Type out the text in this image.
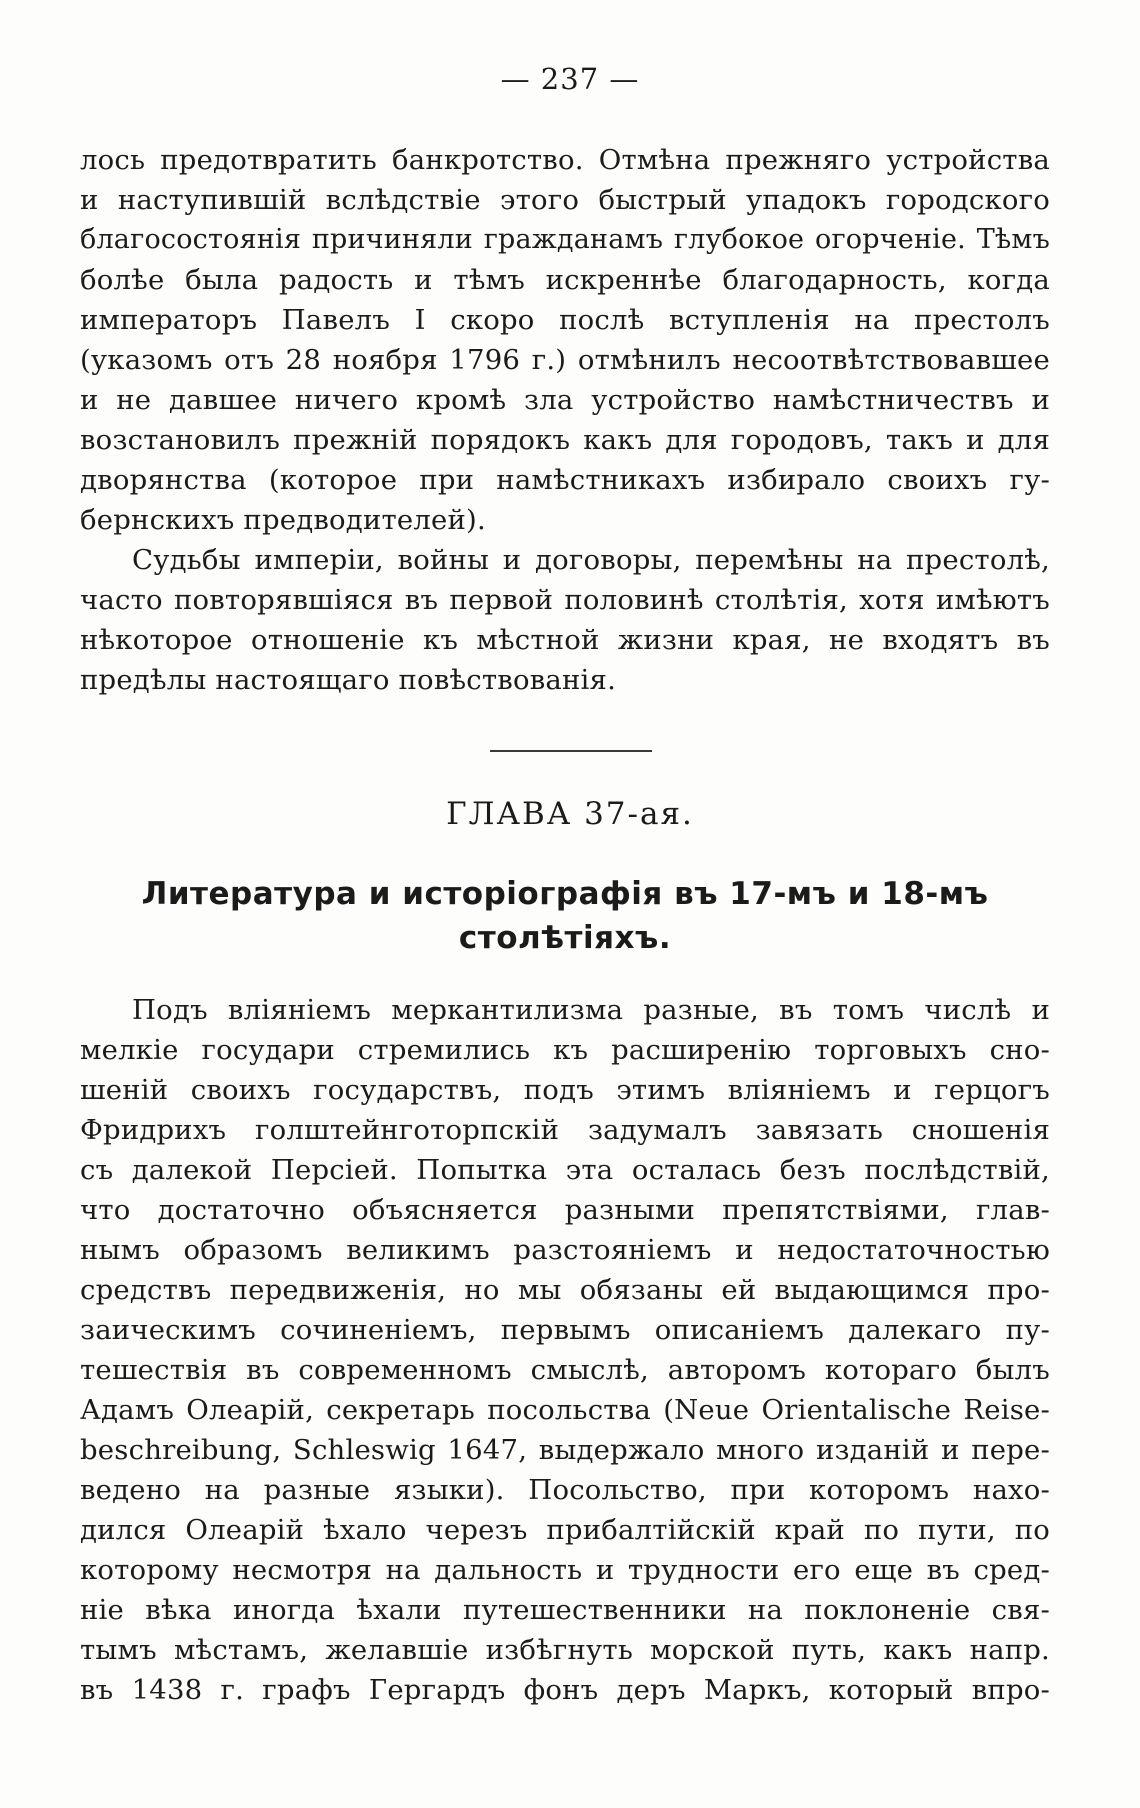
— 237 —
лось предотвратить банкротство. Отмѣна прежняго устройства
и наступившій вслѣдствіе этого быстрый упадокъ городского
благосостоянія причиняли гражданамъ глубокое огорченіе. Тѣмъ
болѣе была радость и тѣмъ искреннѣе благодарность, когда
императоръ Павелъ I скоро послѣ вступленія на престолъ
(указомъ отъ 28 ноября 1796 г.) отмѣнилъ несоотвѣтствовавшее
и не давшее ничего кромѣ зла устройство намѣстничествъ и
возстановилъ прежній порядокъ какъ для городовъ, такъ и для
дворянства (которое при намѣстникахъ избирало своихъ гу-
бернскихъ предводителей).
Судьбы имперіи, войны и договоры, перемѣны на престолѣ,
часто повторявшіяся въ первой половинѣ столѣтія, хотя имѣютъ
нѣкоторое отношеніе къ мѣстной жизни края, не входятъ въ
предѣлы настоящаго повѣствованія.
ГЛАВА 37-ая.
Литература и исторіографія въ 17-мъ и 18-мъ
столѣтіяхъ.
Подъ вліяніемъ меркантилизма разные, въ томъ числѣ и
мелкіе государи стремились къ расширенію торговыхъ сно-
шеній своихъ государствъ, подъ этимъ вліяніемъ и герцогъ
Фридрихъ голштейнготорпскій задумалъ завязать сношенія
съ далекой Персіей. Попытка эта осталась безъ послѣдствій,
что достаточно объясняется разными препятствіями, глав-
нымъ образомъ великимъ разстояніемъ и недостаточностью
средствъ передвиженія, но мы обязаны ей выдающимся про-
заическимъ сочиненіемъ, первымъ описаніемъ далекаго пу-
тешествія въ современномъ смыслѣ, авторомъ котораго былъ
Адамъ Олеарій, секретарь посольства (Neue Orientalische Reise-
beschreibung, Schleswig 1647, выдержало много изданій и пере-
ведено на разные языки). Посольство, при которомъ нахо-
дился Олеарій ѣхало черезъ прибалтійскій край по пути, по
которому несмотря на дальность и трудности его еще въ сред-
ніе вѣка иногда ѣхали путешественники на поклоненіе свя-
тымъ мѣстамъ, желавшіе избѣгнуть морской путь, какъ напр.
въ 1438 г. графъ Гергардъ фонъ деръ Маркъ, который впро-
